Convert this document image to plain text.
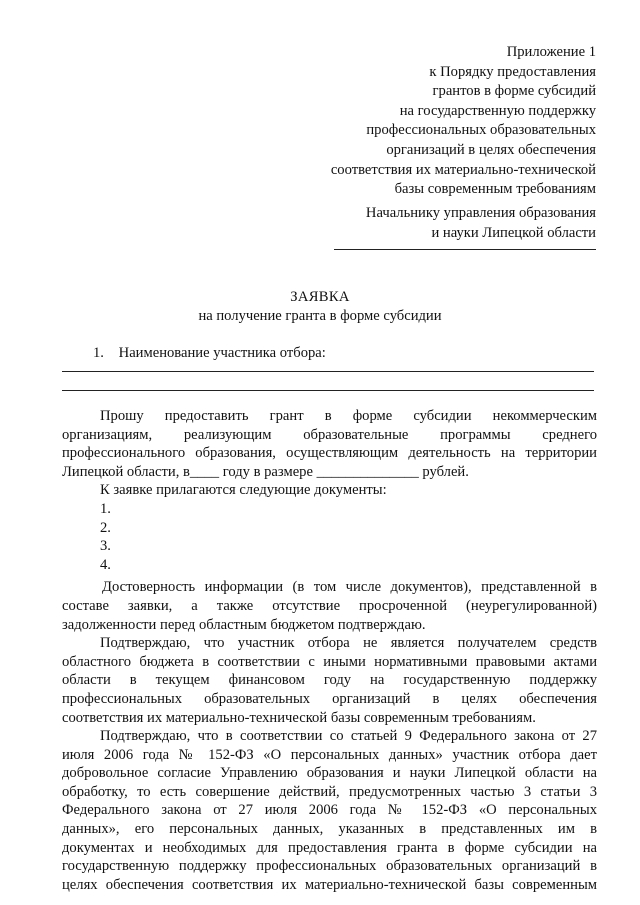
Приложение 1
к Порядку предоставления
грантов в форме субсидий
на государственную поддержку
профессиональных образовательных
организаций в целях обеспечения
соответствия их материально-технической
базы современным требованиям
Начальнику управления образования
и науки Липецкой области
ЗАЯВКА
на получение гранта в форме субсидии
1. Наименование участника отбора:

Прошу предоставить грант в форме субсидии некоммерческим
организациям, реализующим образовательные программы среднего
профессионального образования, осуществляющим деятельность на территории
Липецкой области, в____ году в размере ______________ рублей.

К заявке прилагаются следующие документы:

1.
2.
3.
4.

Достоверность информации (в том числе документов), представленной в
составе заявки, а также отсутствие просроченной (неурегулированной)
задолженности перед областным бюджетом подтверждаю.

Подтверждаю, что участник отбора не является получателем средств
областного бюджета в соответствии с иными нормативными правовыми актами
области в текущем финансовом году на государственную поддержку
профессиональных образовательных организаций в целях обеспечения
соответствия их материально-технической базы современным требованиям.

Подтверждаю, что в соответствии со статьей 9 Федерального закона от 27
июля 2006 года № 152-ФЗ «О персональных данных» участник отбора дает
добровольное согласие Управлению образования и науки Липецкой области на
обработку, то есть совершение действий, предусмотренных частью 3 статьи 3
Федерального закона от 27 июля 2006 года № 152-ФЗ «О персональных
данных», его персональных данных, указанных в представленных им в
документах и необходимых для предоставления гранта в форме субсидии на
государственную поддержку профессиональных образовательных организаций в
целях обеспечения соответствия их материально-технической базы современным
